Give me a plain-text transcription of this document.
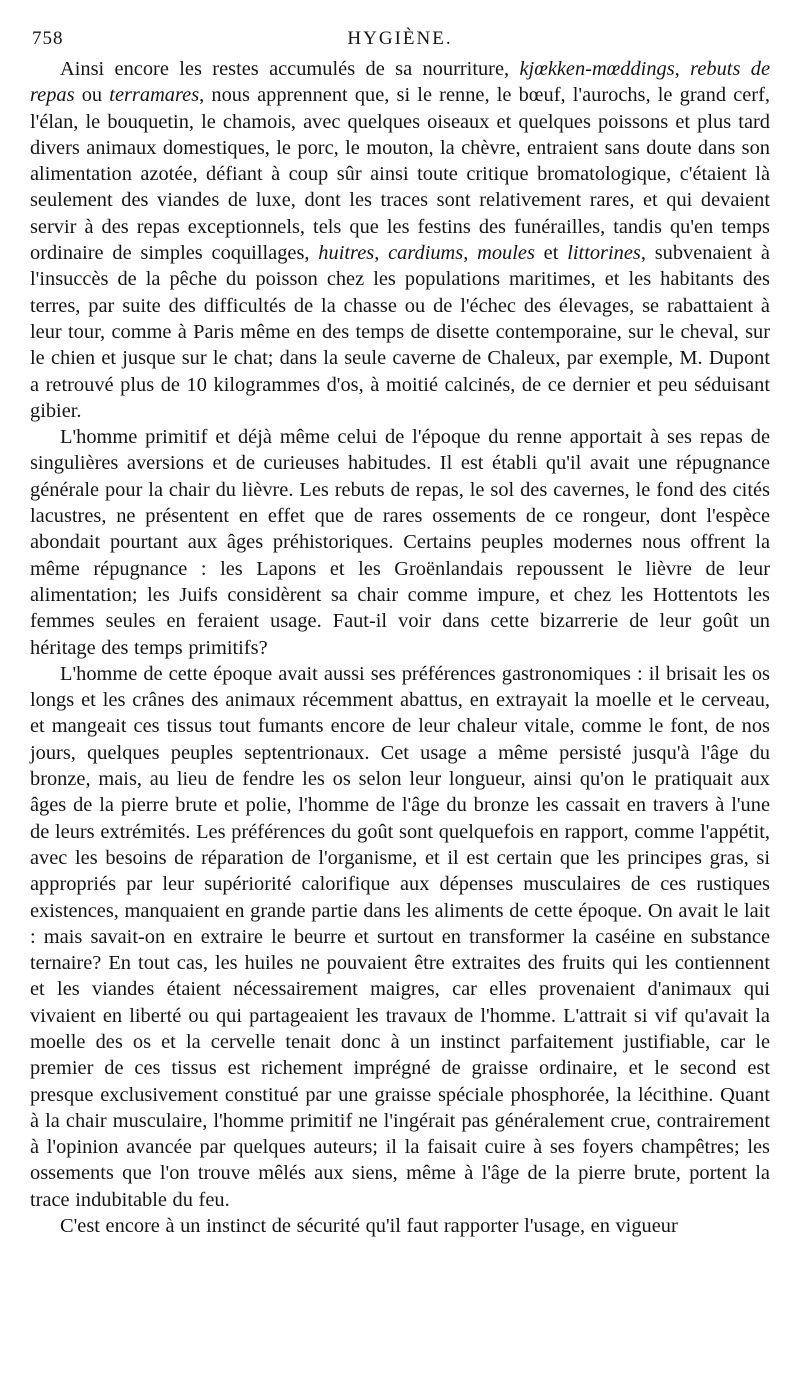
758	HYGIÈNE.

Ainsi encore les restes accumulés de sa nourriture, kjœkken-mœddings, rebuts de repas ou terramares, nous apprennent que, si le renne, le bœuf, l'aurochs, le grand cerf, l'élan, le bouquetin, le chamois, avec quelques oiseaux et quelques poissons et plus tard divers animaux domestiques, le porc, le mouton, la chèvre, entraient sans doute dans son alimentation azotée, défiant à coup sûr ainsi toute critique bromatologique, c'étaient là seulement des viandes de luxe, dont les traces sont relativement rares, et qui devaient servir à des repas exceptionnels, tels que les festins des funérailles, tandis qu'en temps ordinaire de simples coquillages, huitres, cardiums, moules et littorines, subvenaient à l'insuccès de la pêche du poisson chez les populations maritimes, et les habitants des terres, par suite des difficultés de la chasse ou de l'échec des élevages, se rabattaient à leur tour, comme à Paris même en des temps de disette contemporaine, sur le cheval, sur le chien et jusque sur le chat; dans la seule caverne de Chaleux, par exemple, M. Dupont a retrouvé plus de 10 kilogrammes d'os, à moitié calcinés, de ce dernier et peu séduisant gibier.

L'homme primitif et déjà même celui de l'époque du renne apportait à ses repas de singulières aversions et de curieuses habitudes. Il est établi qu'il avait une répugnance générale pour la chair du lièvre. Les rebuts de repas, le sol des cavernes, le fond des cités lacustres, ne présentent en effet que de rares ossements de ce rongeur, dont l'espèce abondait pourtant aux âges préhistoriques. Certains peuples modernes nous offrent la même répugnance : les Lapons et les Groënlandais repoussent le lièvre de leur alimentation; les Juifs considèrent sa chair comme impure, et chez les Hottentots les femmes seules en feraient usage. Faut-il voir dans cette bizarrerie de leur goût un héritage des temps primitifs?

L'homme de cette époque avait aussi ses préférences gastronomiques : il brisait les os longs et les crânes des animaux récemment abattus, en extrayait la moelle et le cerveau, et mangeait ces tissus tout fumants encore de leur chaleur vitale, comme le font, de nos jours, quelques peuples septentrionaux. Cet usage a même persisté jusqu'à l'âge du bronze, mais, au lieu de fendre les os selon leur longueur, ainsi qu'on le pratiquait aux âges de la pierre brute et polie, l'homme de l'âge du bronze les cassait en travers à l'une de leurs extrémités. Les préférences du goût sont quelquefois en rapport, comme l'appétit, avec les besoins de réparation de l'organisme, et il est certain que les principes gras, si appropriés par leur supériorité calorifique aux dépenses musculaires de ces rustiques existences, manquaient en grande partie dans les aliments de cette époque. On avait le lait : mais savait-on en extraire le beurre et surtout en transformer la caséine en substance ternaire? En tout cas, les huiles ne pouvaient être extraites des fruits qui les contiennent et les viandes étaient nécessairement maigres, car elles provenaient d'animaux qui vivaient en liberté ou qui partageaient les travaux de l'homme. L'attrait si vif qu'avait la moelle des os et la cervelle tenait donc à un instinct parfaitement justifiable, car le premier de ces tissus est richement imprégné de graisse ordinaire, et le second est presque exclusivement constitué par une graisse spéciale phosphorée, la lécithine. Quant à la chair musculaire, l'homme primitif ne l'ingérait pas généralement crue, contrairement à l'opinion avancée par quelques auteurs; il la faisait cuire à ses foyers champêtres; les ossements que l'on trouve mêlés aux siens, même à l'âge de la pierre brute, portent la trace indubitable du feu.

C'est encore à un instinct de sécurité qu'il faut rapporter l'usage, en vigueur
